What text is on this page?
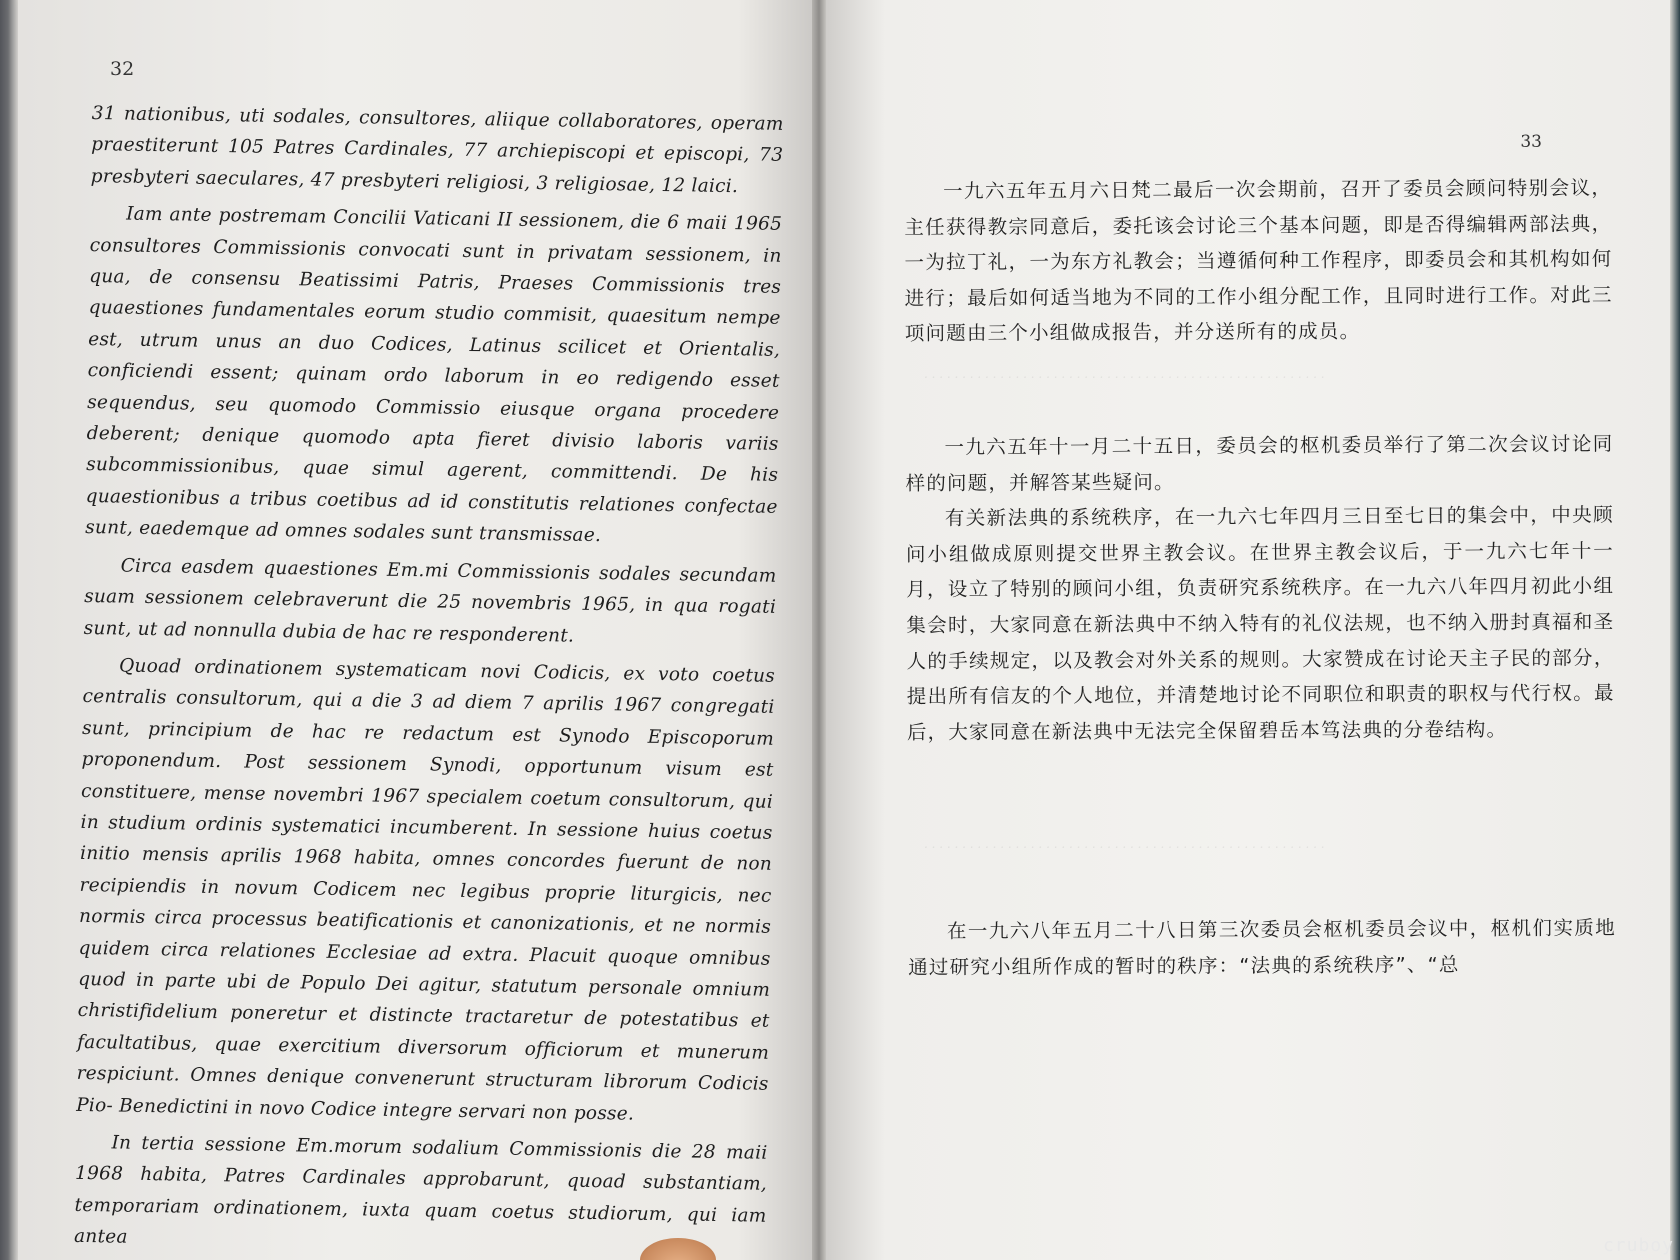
32

31 nationibus, uti sodales, consultores, aliique collaboratores, operam praestiterunt 105 Patres Cardinales, 77 archiepiscopi et episcopi, 73 presbyteri saeculares, 47 presbyteri religiosi, 3 religiosae, 12 laici.

Iam ante postremam Concilii Vaticani II sessionem, die 6 maii 1965 consultores Commissionis convocati sunt in privatam sessionem, in qua, de consensu Beatissimi Patris, Praeses Commissionis tres quaestiones fundamentales eorum studio commisit, quaesitum nempe est, utrum unus an duo Codices, Latinus scilicet et Orientalis, conficiendi essent; quinam ordo laborum in eo redigendo esset sequendus, seu quomodo Commissio eiusque organa procedere deberent; denique quomodo apta fieret divisio laboris variis subcommissionibus, quae simul agerent, committendi. De his quaestionibus a tribus coetibus ad id constitutis relationes confectae sunt, eaedemque ad omnes sodales sunt transmissae.

Circa easdem quaestiones Em.mi Commissionis sodales secundam suam sessionem celebraverunt die 25 novembris 1965, in qua rogati sunt, ut ad nonnulla dubia de hac re responderent.

Quoad ordinationem systematicam novi Codicis, ex voto coetus centralis consultorum, qui a die 3 ad diem 7 aprilis 1967 congregati sunt, principium de hac re redactum est Synodo Episcoporum proponendum. Post sessionem Synodi, opportunum visum est constituere, mense novembri 1967 specialem coetum consultorum, qui in studium ordinis systematici incumberent. In sessione huius coetus initio mensis aprilis 1968 habita, omnes concordes fuerunt de non recipiendis in novum Codicem nec legibus proprie liturgicis, nec normis circa processus beatificationis et canonizationis, et ne normis quidem circa relationes Ecclesiae ad extra. Placuit quoque omnibus quod in parte ubi de Populo Dei agitur, statutum personale omnium christifidelium poneretur et distincte tractaretur de potestatibus et facultatibus, quae exercitium diversorum officiorum et munerum respiciunt. Omnes denique convenerunt structuram librorum Codicis Pio- Benedictini in novo Codice integre servari non posse.

In tertia sessione Em.morum sodalium Commissionis die 28 maii 1968 habita, Patres Cardinales approbarunt, quoad substantiam, temporariam ordinationem, iuxta quam coetus studiorum, qui iam antea

. . . . . . . . . . . . . . . . . . . . . . . . . . . . . . . . . . . . . . . . . . . . . . . . . . . . .
. . . . . . . . . . . . . . . . . . . . . . . . . . . . . . . . . . . . . . . . . . . . . . . . . . . . .
33

一九六五年五月六日梵二最后一次会期前，召开了委员会顾问特别会议，主任获得教宗同意后，委托该会讨论三个基本问题，即是否得编辑两部法典，一为拉丁礼，一为东方礼教会；当遵循何种工作程序，即委员会和其机构如何进行；最后如何适当地为不同的工作小组分配工作，且同时进行工作。对此三项问题由三个小组做成报告，并分送所有的成员。

一九六五年十一月二十五日，委员会的枢机委员举行了第二次会议讨论同样的问题，并解答某些疑问。

有关新法典的系统秩序，在一九六七年四月三日至七日的集会中，中央顾问小组做成原则提交世界主教会议。在世界主教会议后，于一九六七年十一月，设立了特别的顾问小组，负责研究系统秩序。在一九六八年四月初此小组集会时，大家同意在新法典中不纳入特有的礼仪法规，也不纳入册封真福和圣人的手续规定，以及教会对外关系的规则。大家赞成在讨论天主子民的部分，提出所有信友的个人地位，并清楚地讨论不同职位和职责的职权与代行权。最后，大家同意在新法典中无法完全保留碧岳本笃法典的分卷结构。

在一九六八年五月二十八日第三次委员会枢机委员会议中，枢机们实质地通过研究小组所作成的暂时的秩序：“法典的系统秩序”、“总

cruboy
